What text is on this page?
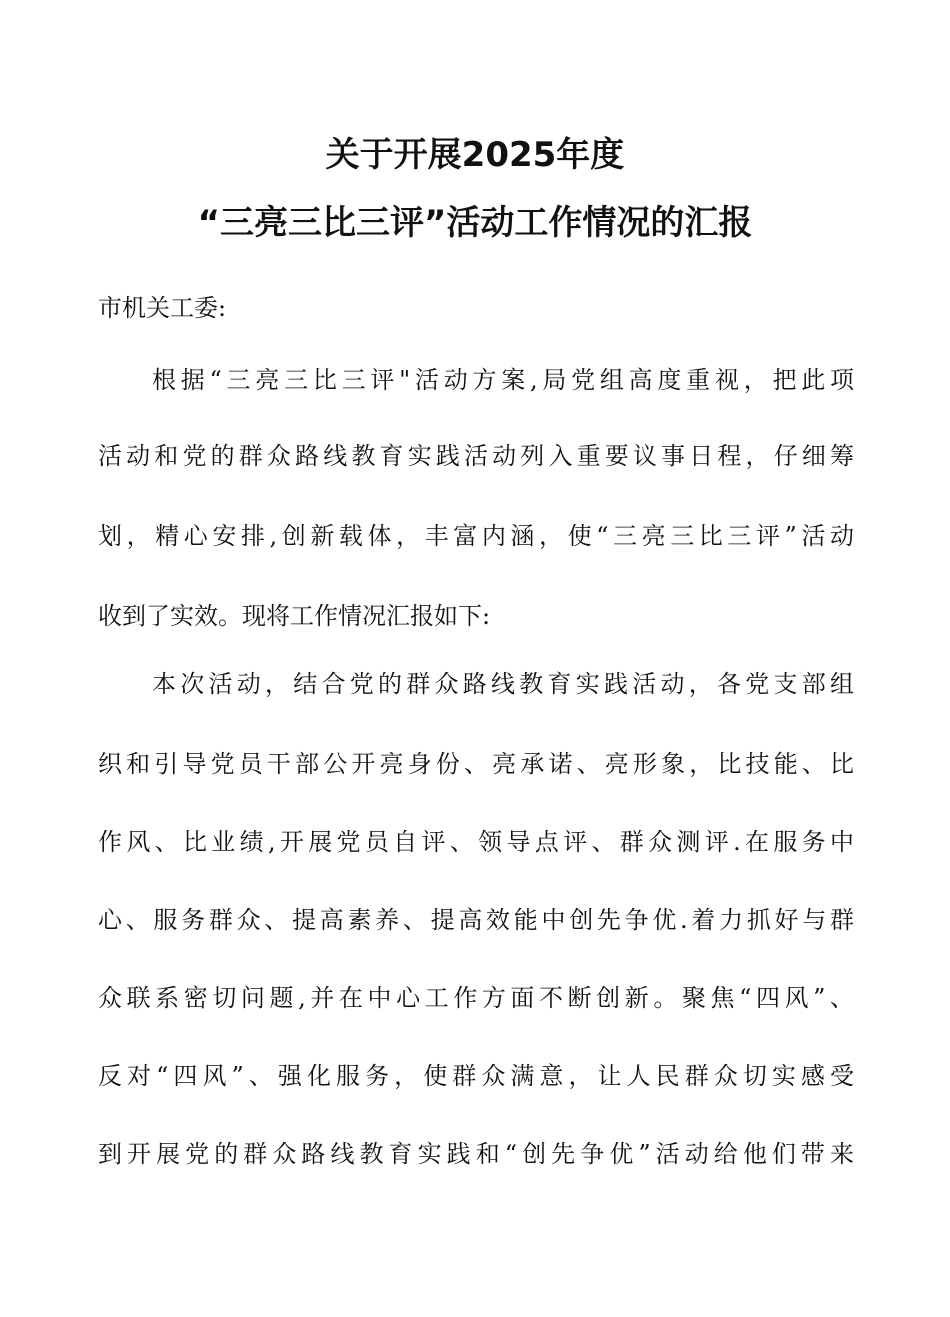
关于开展2025年度
“三亮三比三评”活动工作情况的汇报
市机关工委:
根据“三亮三比三评"活动方案,局党组高度重视，把此项
活动和党的群众路线教育实践活动列入重要议事日程，仔细筹
划，精心安排,创新载体，丰富内涵，使“三亮三比三评”活动
收到了实效。现将工作情况汇报如下:
本次活动，结合党的群众路线教育实践活动，各党支部组
织和引导党员干部公开亮身份、亮承诺、亮形象，比技能、比
作风、比业绩,开展党员自评、领导点评、群众测评.在服务中
心、服务群众、提高素养、提高效能中创先争优.着力抓好与群
众联系密切问题,并在中心工作方面不断创新。聚焦“四风”、
反对“四风”、强化服务，使群众满意，让人民群众切实感受
到开展党的群众路线教育实践和“创先争优”活动给他们带来
